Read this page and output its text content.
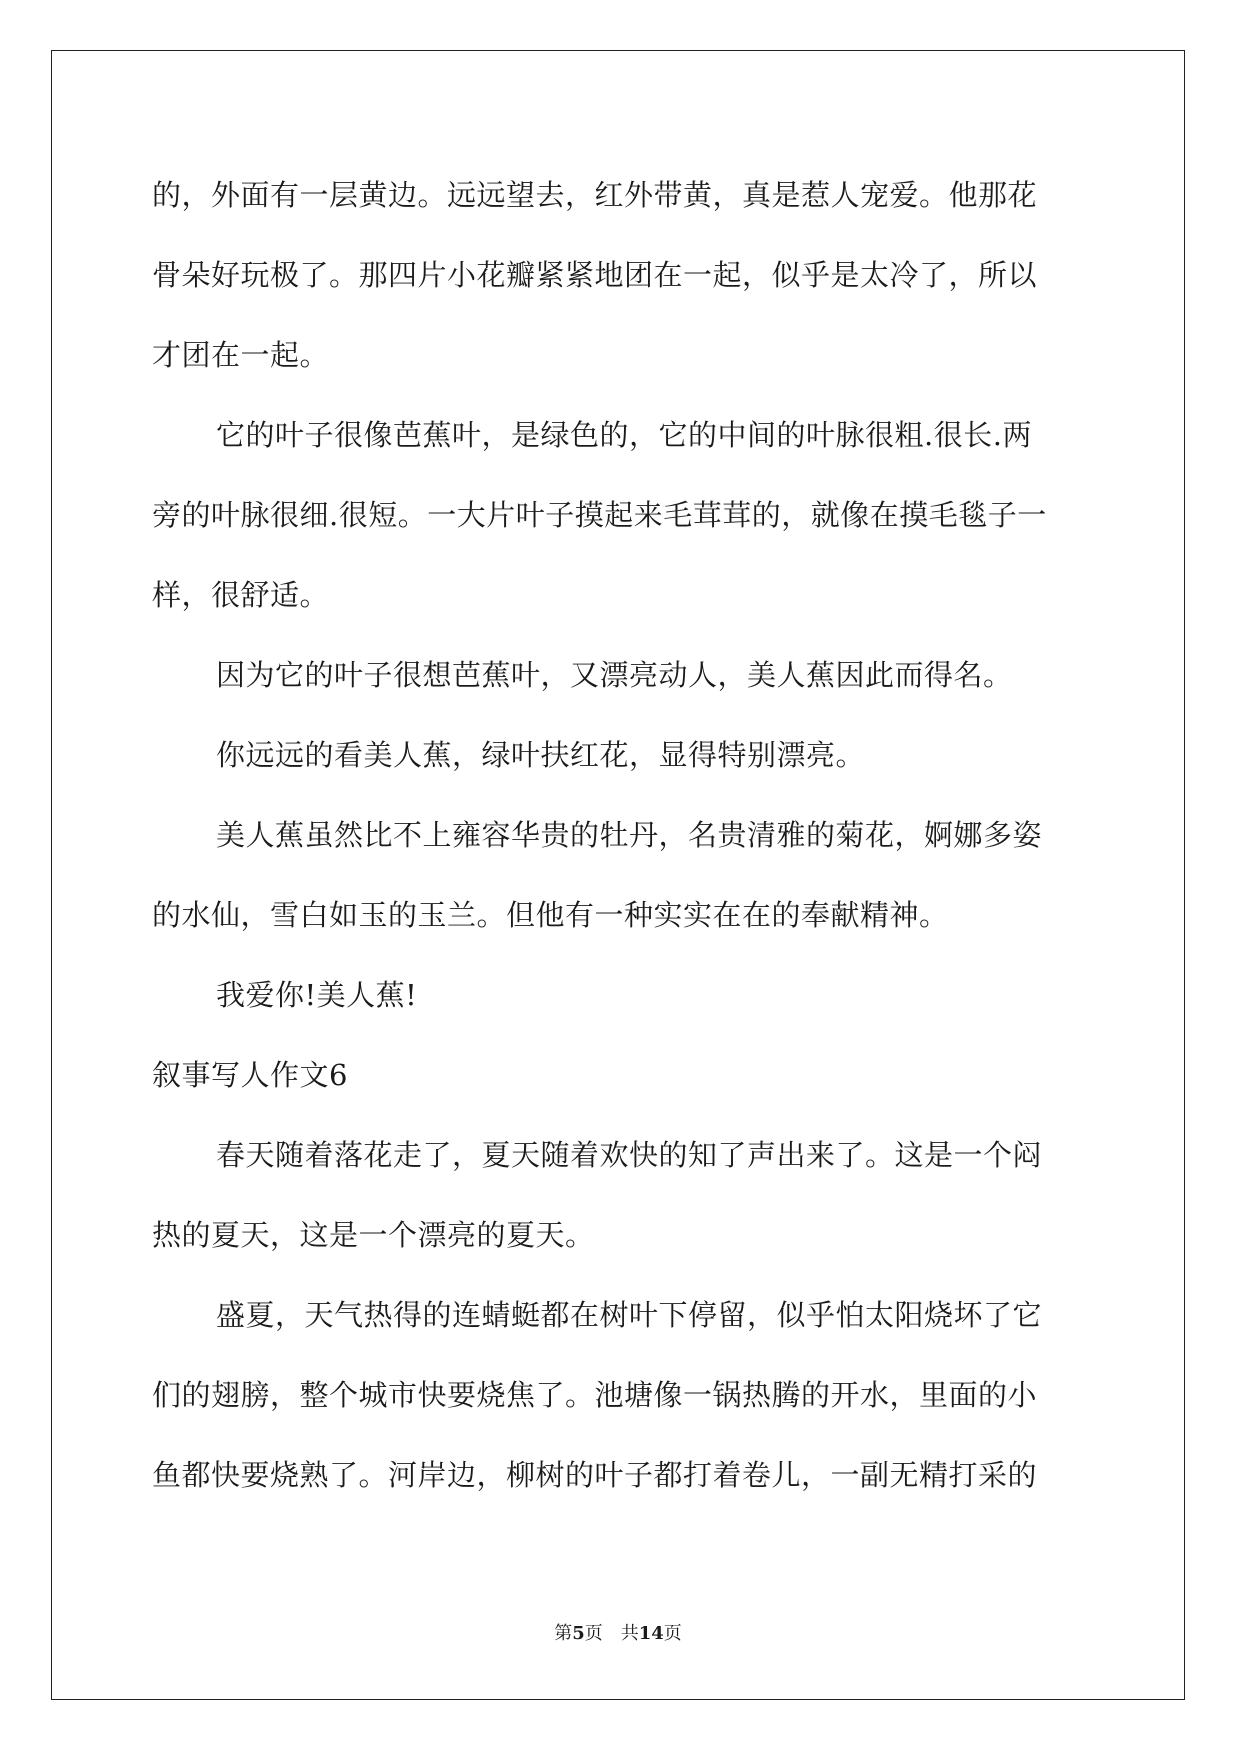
的，外面有一层黄边。远远望去，红外带黄，真是惹人宠爱。他那花
骨朵好玩极了。那四片小花瓣紧紧地团在一起，似乎是太冷了，所以
才团在一起。
它的叶子很像芭蕉叶，是绿色的，它的中间的叶脉很粗.很长.两
旁的叶脉很细.很短。一大片叶子摸起来毛茸茸的，就像在摸毛毯子一
样，很舒适。
因为它的叶子很想芭蕉叶，又漂亮动人，美人蕉因此而得名。
你远远的看美人蕉，绿叶扶红花，显得特别漂亮。
美人蕉虽然比不上雍容华贵的牡丹，名贵清雅的菊花，婀娜多姿
的水仙，雪白如玉的玉兰。但他有一种实实在在的奉献精神。
我爱你!美人蕉!
叙事写人作文6
春天随着落花走了，夏天随着欢快的知了声出来了。这是一个闷
热的夏天，这是一个漂亮的夏天。
盛夏，天气热得的连蜻蜓都在树叶下停留，似乎怕太阳烧坏了它
们的翅膀，整个城市快要烧焦了。池塘像一锅热腾的开水，里面的小
鱼都快要烧熟了。河岸边，柳树的叶子都打着卷儿，一副无精打采的
第5页　共14页
